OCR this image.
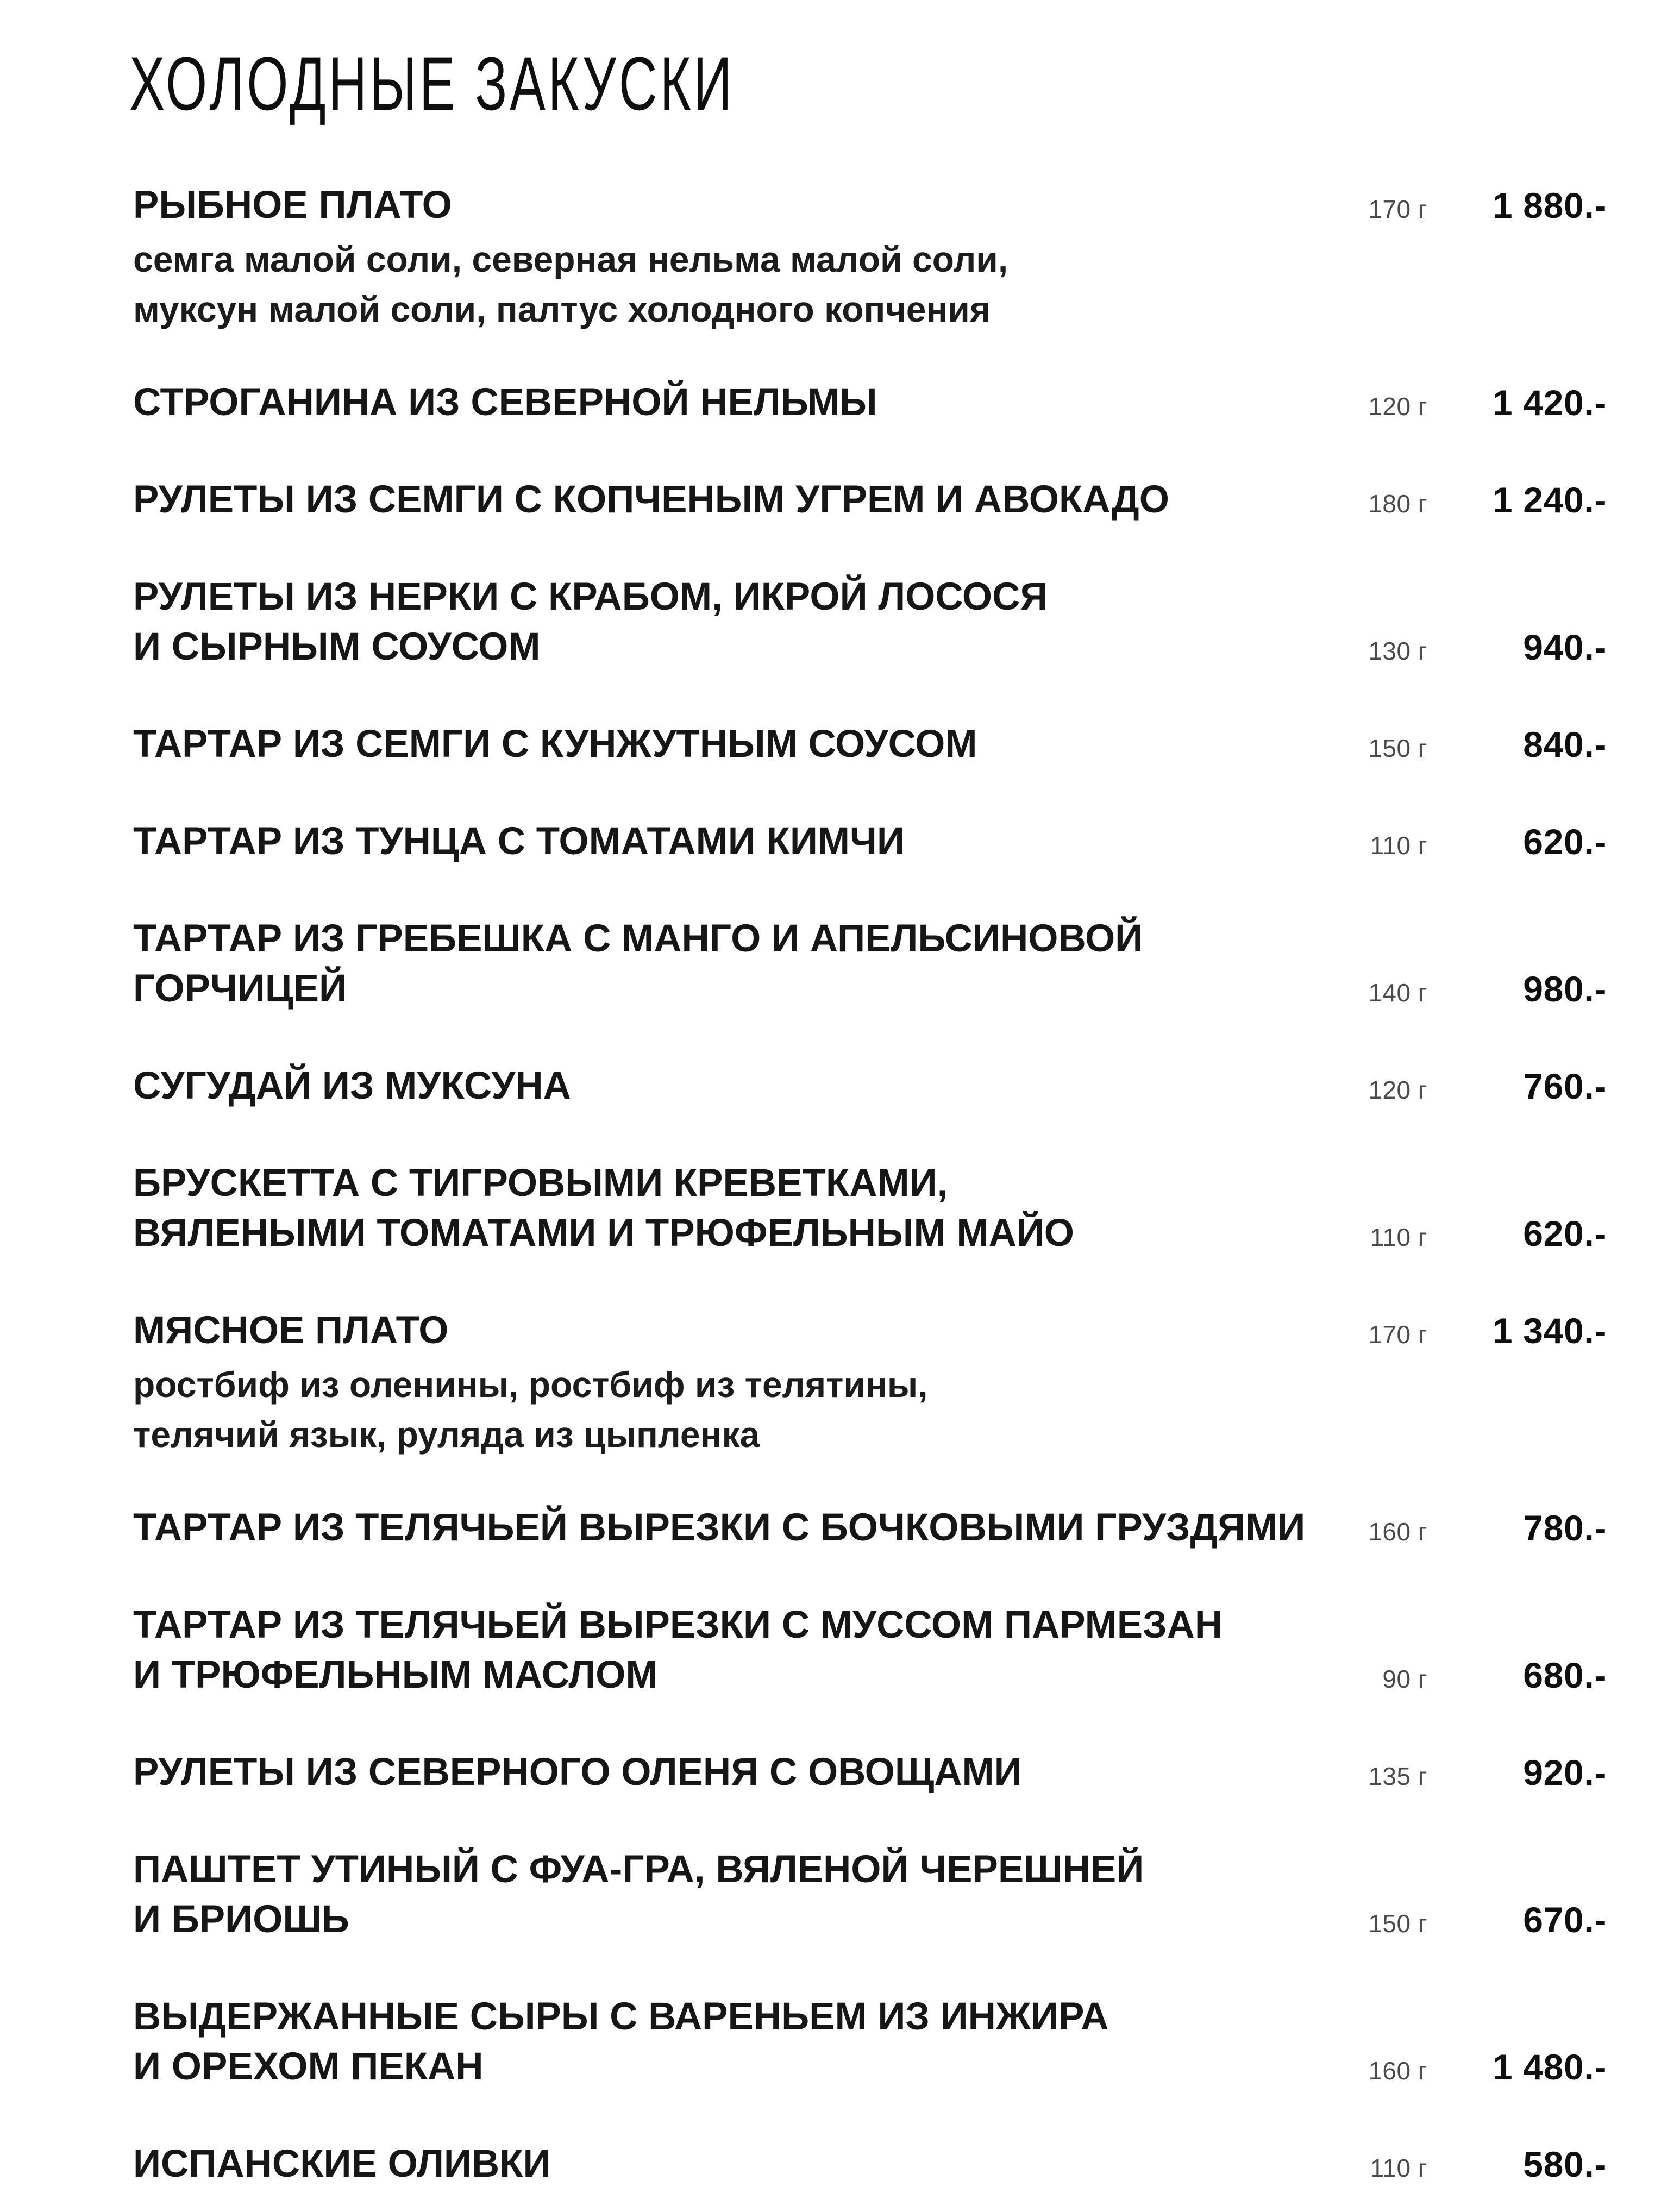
ХОЛОДНЫЕ ЗАКУСКИ
РЫБНОЕ ПЛАТО	170 г	1 880.-
семга малой соли, северная нельма малой соли,
муксун малой соли, палтус холодного копчения
СТРОГАНИНА ИЗ СЕВЕРНОЙ НЕЛЬМЫ	120 г	1 420.-
РУЛЕТЫ ИЗ СЕМГИ С КОПЧЕНЫМ УГРЕМ И АВОКАДО	180 г	1 240.-
РУЛЕТЫ ИЗ НЕРКИ С КРАБОМ, ИКРОЙ ЛОСОСЯ
И СЫРНЫМ СОУСОМ	130 г	940.-
ТАРТАР ИЗ СЕМГИ С КУНЖУТНЫМ СОУСОМ	150 г	840.-
ТАРТАР ИЗ ТУНЦА С ТОМАТАМИ КИМЧИ	110 г	620.-
ТАРТАР ИЗ ГРЕБЕШКА С МАНГО И АПЕЛЬСИНОВОЙ
ГОРЧИЦЕЙ	140 г	980.-
СУГУДАЙ ИЗ МУКСУНА	120 г	760.-
БРУСКЕТТА С ТИГРОВЫМИ КРЕВЕТКАМИ,
ВЯЛЕНЫМИ ТОМАТАМИ И ТРЮФЕЛЬНЫМ МАЙО	110 г	620.-
МЯСНОЕ ПЛАТО	170 г	1 340.-
ростбиф из оленины, ростбиф из телятины,
телячий язык, руляда из цыпленка
ТАРТАР ИЗ ТЕЛЯЧЬЕЙ ВЫРЕЗКИ С БОЧКОВЫМИ ГРУЗДЯМИ	160 г	780.-
ТАРТАР ИЗ ТЕЛЯЧЬЕЙ ВЫРЕЗКИ С МУССОМ ПАРМЕЗАН
И ТРЮФЕЛЬНЫМ МАСЛОМ	90 г	680.-
РУЛЕТЫ ИЗ СЕВЕРНОГО ОЛЕНЯ С ОВОЩАМИ	135 г	920.-
ПАШТЕТ УТИНЫЙ С ФУА-ГРА, ВЯЛЕНОЙ ЧЕРЕШНЕЙ
И БРИОШЬ	150 г	670.-
ВЫДЕРЖАННЫЕ СЫРЫ С ВАРЕНЬЕМ ИЗ ИНЖИРА
И ОРЕХОМ ПЕКАН	160 г	1 480.-
ИСПАНСКИЕ ОЛИВКИ	110 г	580.-
